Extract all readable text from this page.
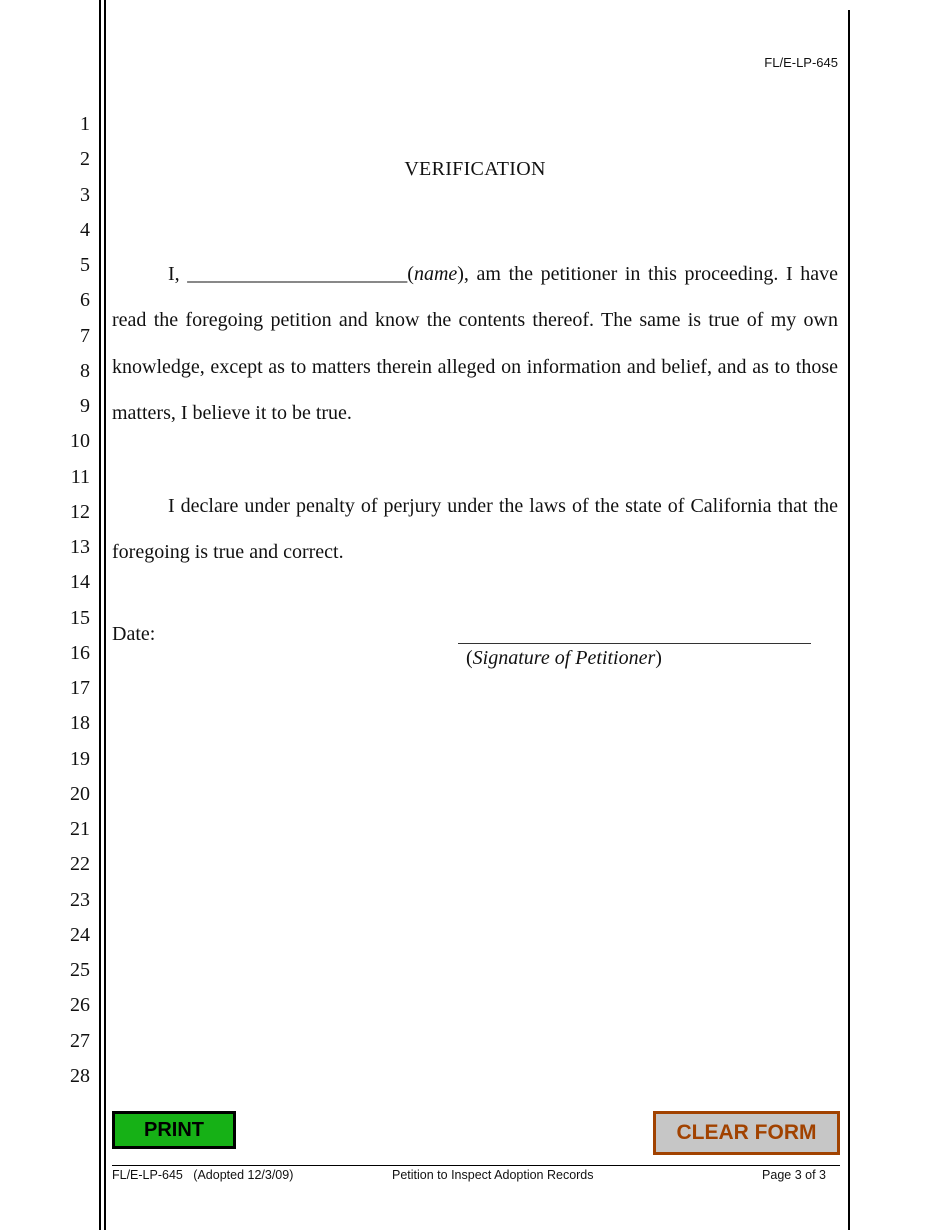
FL/E-LP-645
1
2
3
4
5
6
7
8
9
10
11
12
13
14
15
16
17
18
19
20
21
22
23
24
25
26
27
28
VERIFICATION

I, ______________________(name), am the petitioner in this proceeding. I have read the foregoing petition and know the contents thereof. The same is true of my own knowledge, except as to matters therein alleged on information and belief, and as to those matters, I believe it to be true.

I declare under penalty of perjury under the laws of the state of California that the foregoing is true and correct.

Date:
(Signature of Petitioner)
PRINT	CLEAR FORM
FL/E-LP-645   (Adopted 12/3/09)	Petition to Inspect Adoption Records	Page 3 of 3
